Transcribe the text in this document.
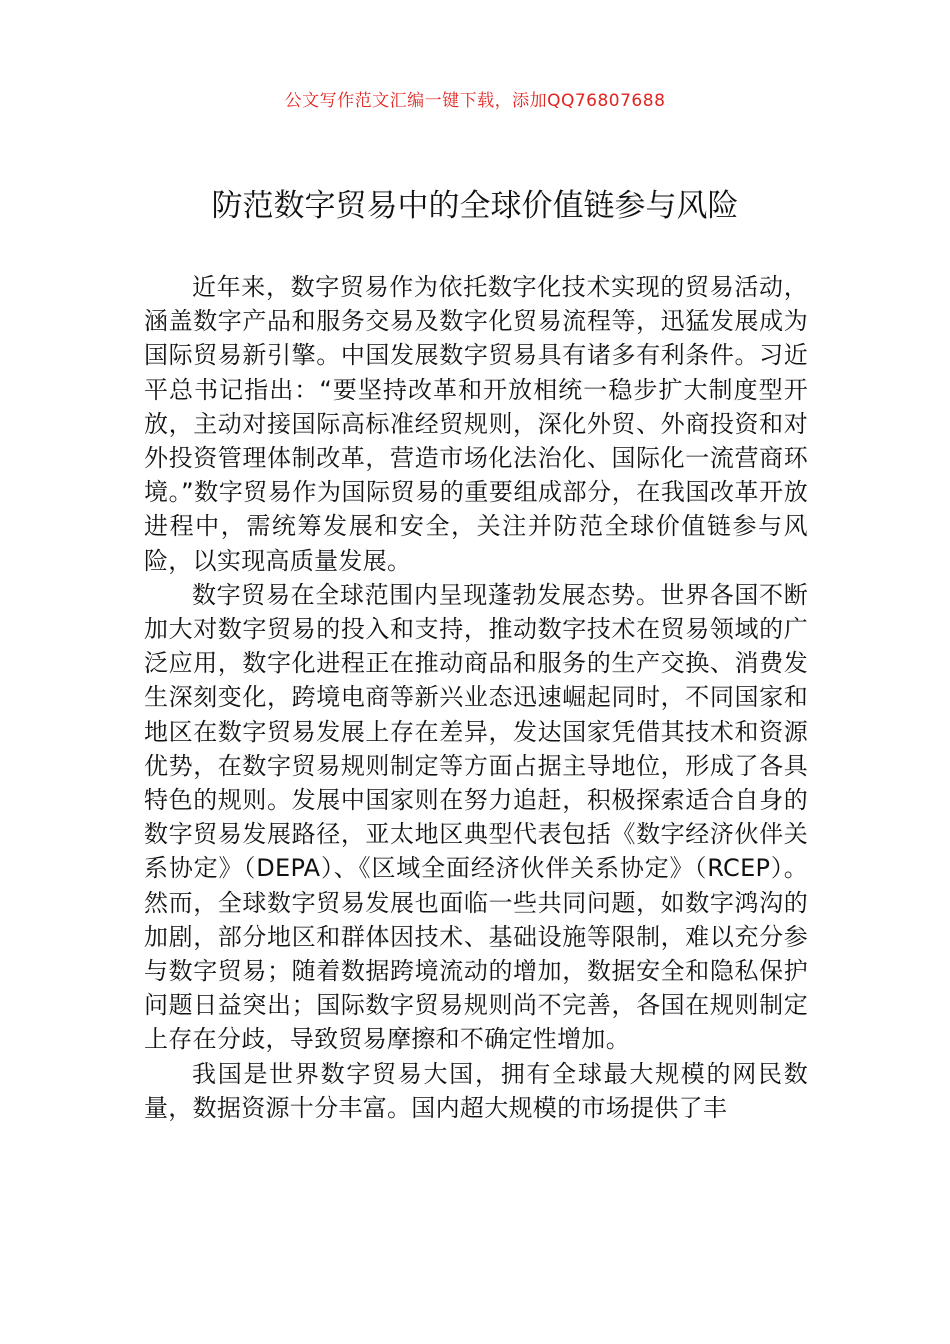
公文写作范文汇编一键下载，添加QQ76807688
防范数字贸易中的全球价值链参与风险

近年来，数字贸易作为依托数字化技术实现的贸易活动，涵盖数字产品和服务交易及数字化贸易流程等，迅猛发展成为国际贸易新引擎。中国发展数字贸易具有诸多有利条件。习近平总书记指出：“要坚持改革和开放相统一稳步扩大制度型开放，主动对接国际高标准经贸规则，深化外贸、外商投资和对外投资管理体制改革，营造市场化法治化、国际化一流营商环境。”数字贸易作为国际贸易的重要组成部分，在我国改革开放进程中，需统筹发展和安全，关注并防范全球价值链参与风险，以实现高质量发展。

数字贸易在全球范围内呈现蓬勃发展态势。世界各国不断加大对数字贸易的投入和支持，推动数字技术在贸易领域的广泛应用，数字化进程正在推动商品和服务的生产交换、消费发生深刻变化，跨境电商等新兴业态迅速崛起同时，不同国家和地区在数字贸易发展上存在差异，发达国家凭借其技术和资源优势，在数字贸易规则制定等方面占据主导地位，形成了各具特色的规则。发展中国家则在努力追赶，积极探索适合自身的数字贸易发展路径，亚太地区典型代表包括《数字经济伙伴关系协定》（DEPA）、《区域全面经济伙伴关系协定》（RCEP）。然而，全球数字贸易发展也面临一些共同问题，如数字鸿沟的加剧，部分地区和群体因技术、基础设施等限制，难以充分参与数字贸易；随着数据跨境流动的增加，数据安全和隐私保护问题日益突出；国际数字贸易规则尚不完善，各国在规则制定上存在分歧，导致贸易摩擦和不确定性增加。

我国是世界数字贸易大国，拥有全球最大规模的网民数量，数据资源十分丰富。国内超大规模的市场提供了丰
